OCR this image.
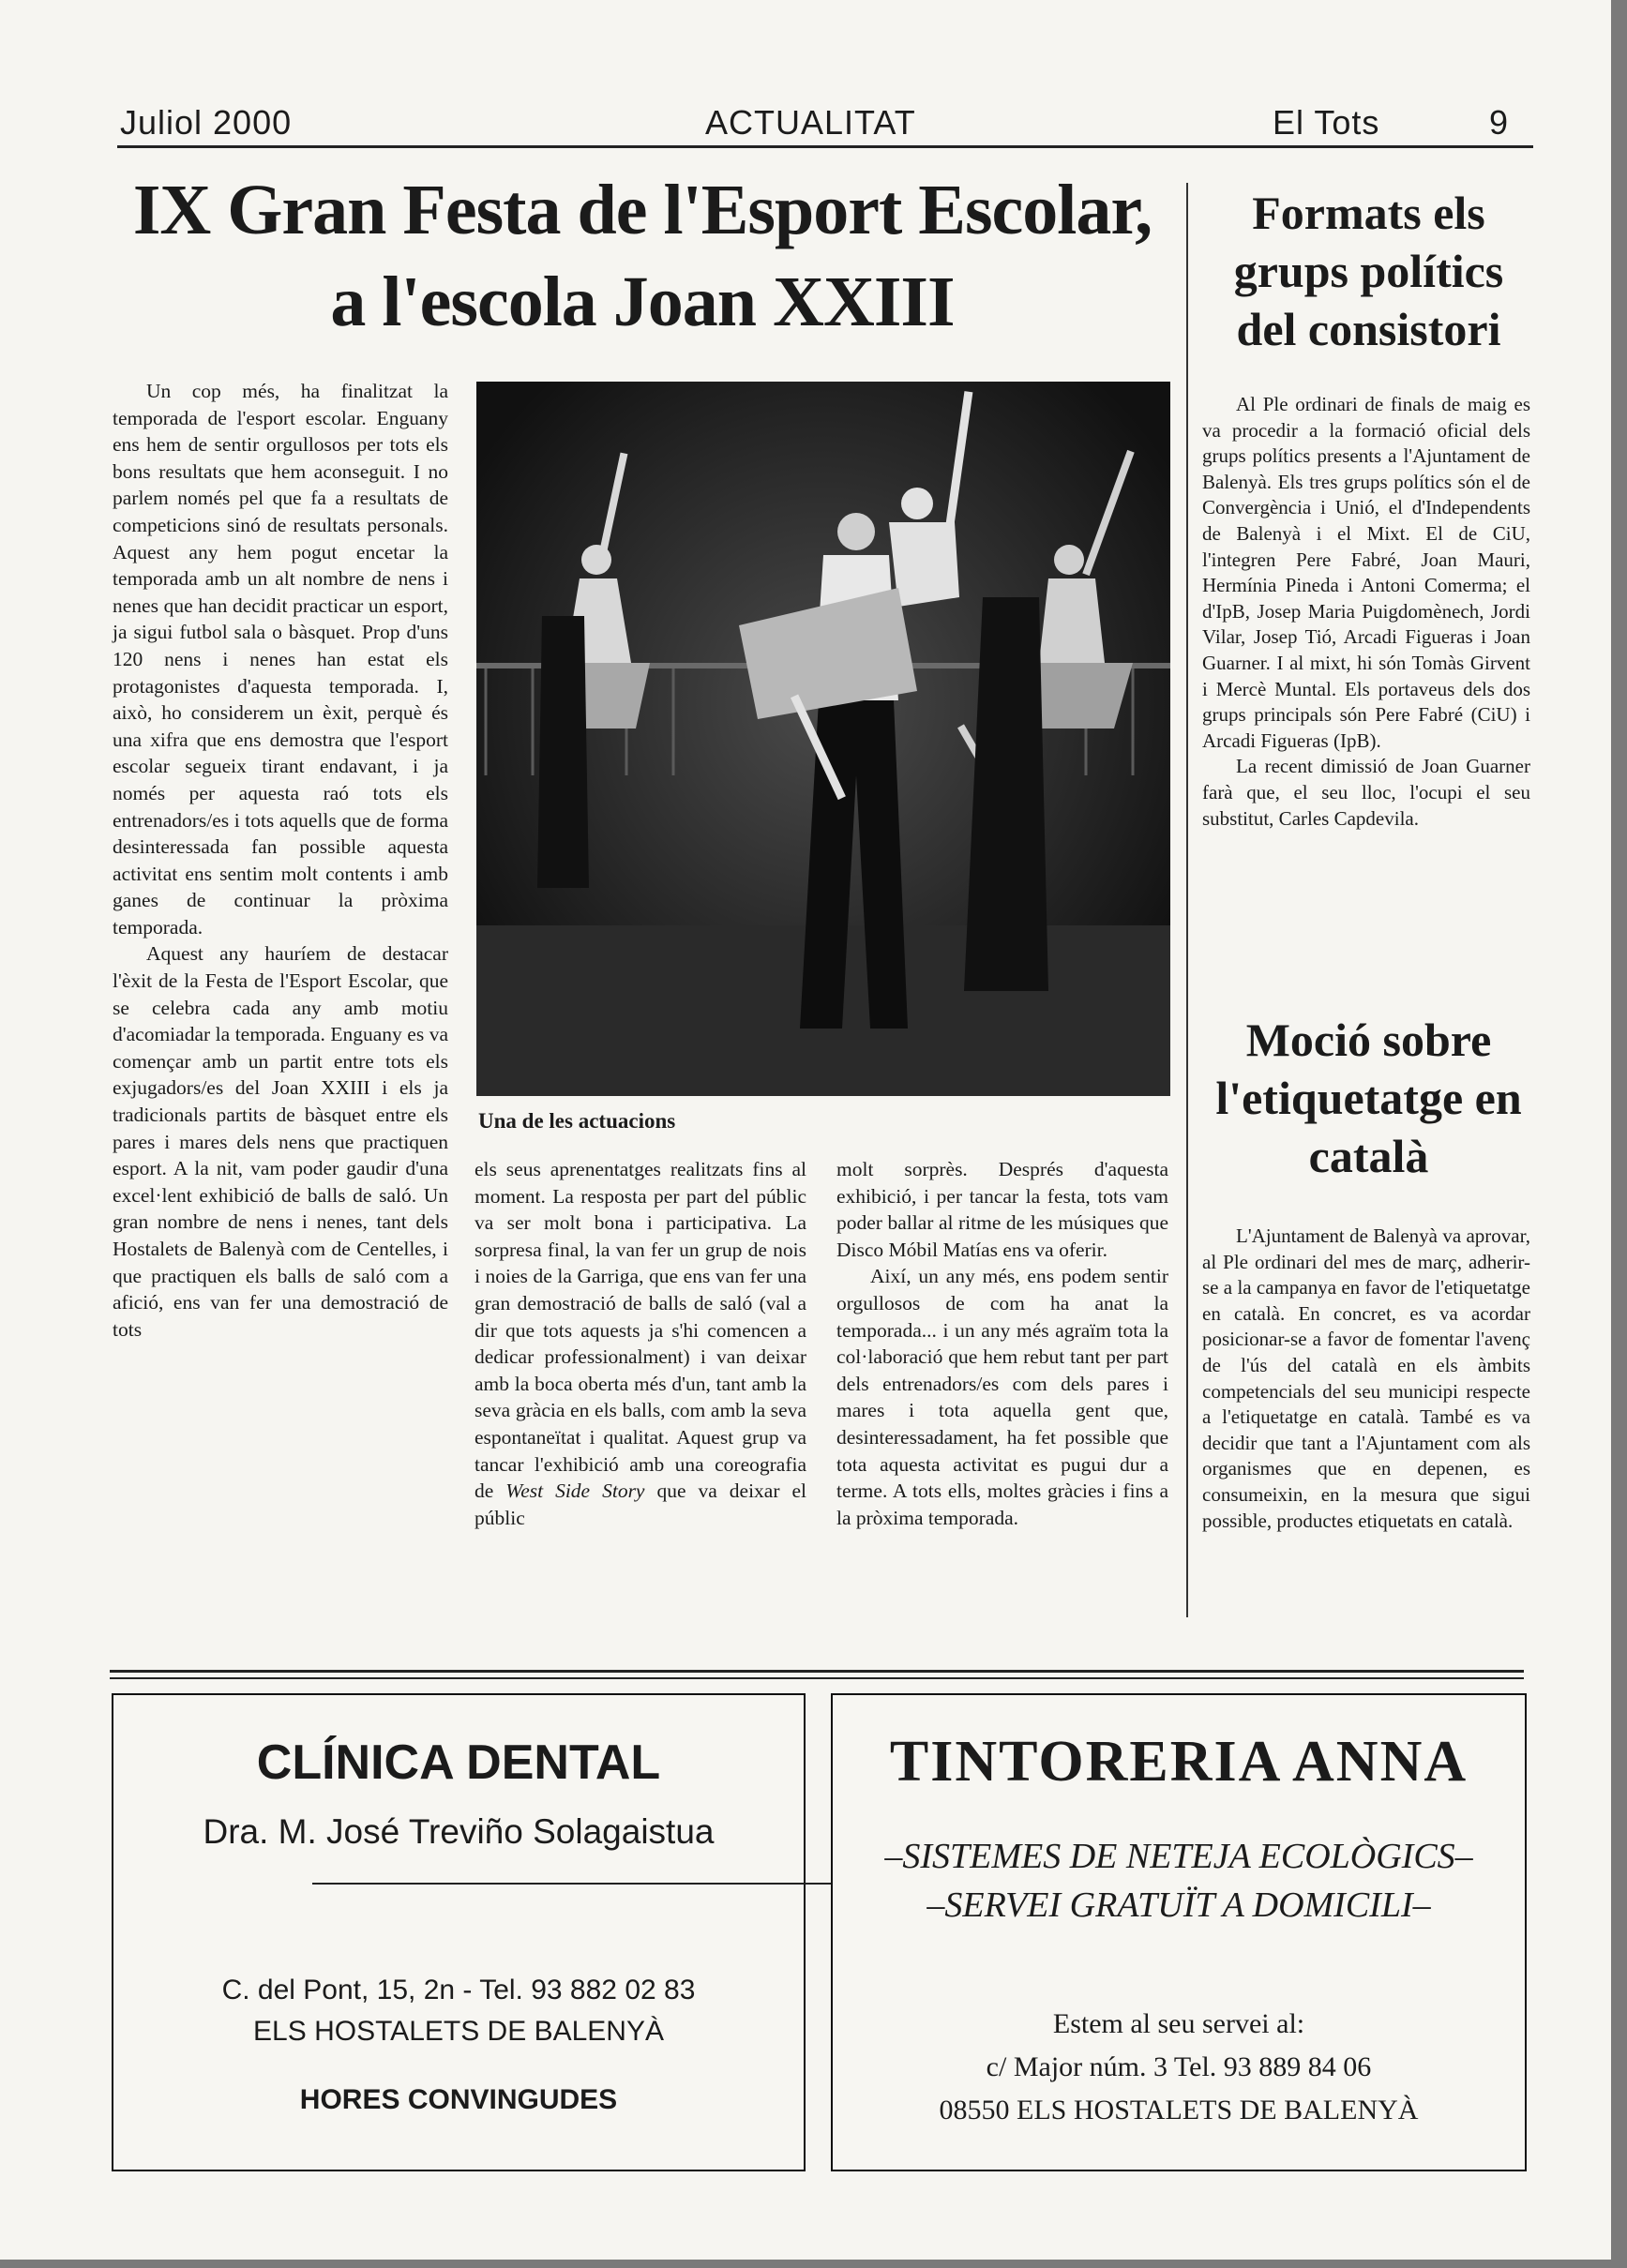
Juliol 2000	ACTUALITAT	El Tots	9
IX Gran Festa de l'Esport Escolar, a l'escola Joan XXIII

Un cop més, ha finalitzat la temporada de l'esport escolar. Enguany ens hem de sentir orgullosos per tots els bons resultats que hem aconseguit. I no parlem només pel que fa a resultats de competicions sinó de resultats personals. Aquest any hem pogut encetar la temporada amb un alt nombre de nens i nenes que han decidit practicar un esport, ja sigui futbol sala o bàsquet. Prop d'uns 120 nens i nenes han estat els protagonistes d'aquesta temporada. I, això, ho considerem un èxit, perquè és una xifra que ens demostra que l'esport escolar segueix tirant endavant, i ja només per aquesta raó tots els entrenadors/es i tots aquells que de forma desinteressada fan possible aquesta activitat ens sentim molt contents i amb ganes de continuar la pròxima temporada.

Aquest any hauríem de destacar l'èxit de la Festa de l'Esport Escolar, que se celebra cada any amb motiu d'acomiadar la temporada. Enguany es va començar amb un partit entre tots els exjugadors/es del Joan XXIII i els ja tradicionals partits de bàsquet entre els pares i mares dels nens que practiquen esport. A la nit, vam poder gaudir d'una excel·lent exhibició de balls de saló. Un gran nombre de nens i nenes, tant dels Hostalets de Balenyà com de Centelles, i que practiquen els balls de saló com a afició, ens van fer una demostració de tots

Una de les actuacions

els seus aprenentatges realitzats fins al moment. La resposta per part del públic va ser molt bona i participativa. La sorpresa final, la van fer un grup de nois i noies de la Garriga, que ens van fer una gran demostració de balls de saló (val a dir que tots aquests ja s'hi comencen a dedicar professionalment) i van deixar amb la boca oberta més d'un, tant amb la seva gràcia en els balls, com amb la seva espontaneïtat i qualitat. Aquest grup va tancar l'exhibició amb una coreografia de West Side Story que va deixar el públic

molt sorprès. Després d'aquesta exhibició, i per tancar la festa, tots vam poder ballar al ritme de les músiques que Disco Móbil Matías ens va oferir.

Així, un any més, ens podem sentir orgullosos de com ha anat la temporada... i un any més agraïm tota la col·laboració que hem rebut tant per part dels entrenadors/es com dels pares i mares i tota aquella gent que, desinteressadament, ha fet possible que tota aquesta activitat es pugui dur a terme. A tots ells, moltes gràcies i fins a la pròxima temporada.

Formats els grups polítics del consistori

Al Ple ordinari de finals de maig es va procedir a la formació oficial dels grups polítics presents a l'Ajuntament de Balenyà. Els tres grups polítics són el de Convergència i Unió, el d'Independents de Balenyà i el Mixt. El de CiU, l'integren Pere Fabré, Joan Mauri, Hermínia Pineda i Antoni Comerma; el d'IpB, Josep Maria Puigdomènech, Jordi Vilar, Josep Tió, Arcadi Figueras i Joan Guarner. I al mixt, hi són Tomàs Girvent i Mercè Muntal. Els portaveus dels dos grups principals són Pere Fabré (CiU) i Arcadi Figueras (IpB).

La recent dimissió de Joan Guarner farà que, el seu lloc, l'ocupi el seu substitut, Carles Capdevila.

Moció sobre l'etiquetatge en català

L'Ajuntament de Balenyà va aprovar, al Ple ordinari del mes de març, adherir-se a la campanya en favor de l'etiquetatge en català. En concret, es va acordar posicionar-se a favor de fomentar l'avenç de l'ús del català en els àmbits competencials del seu municipi respecte a l'etiquetatge en català. També es va decidir que tant a l'Ajuntament com als organismes que en depenen, es consumeixin, en la mesura que sigui possible, productes etiquetats en català.

CLÍNICA DENTAL
Dra. M. José Treviño Solagaistua
C. del Pont, 15, 2n - Tel. 93 882 02 83
ELS HOSTALETS DE BALENYÀ
HORES CONVINGUDES
TINTORERIA ANNA
–SISTEMES DE NETEJA ECOLÒGICS–
–SERVEI GRATUÏT A DOMICILI–
Estem al seu servei al:
c/ Major núm. 3 Tel. 93 889 84 06
08550 ELS HOSTALETS DE BALENYÀ
